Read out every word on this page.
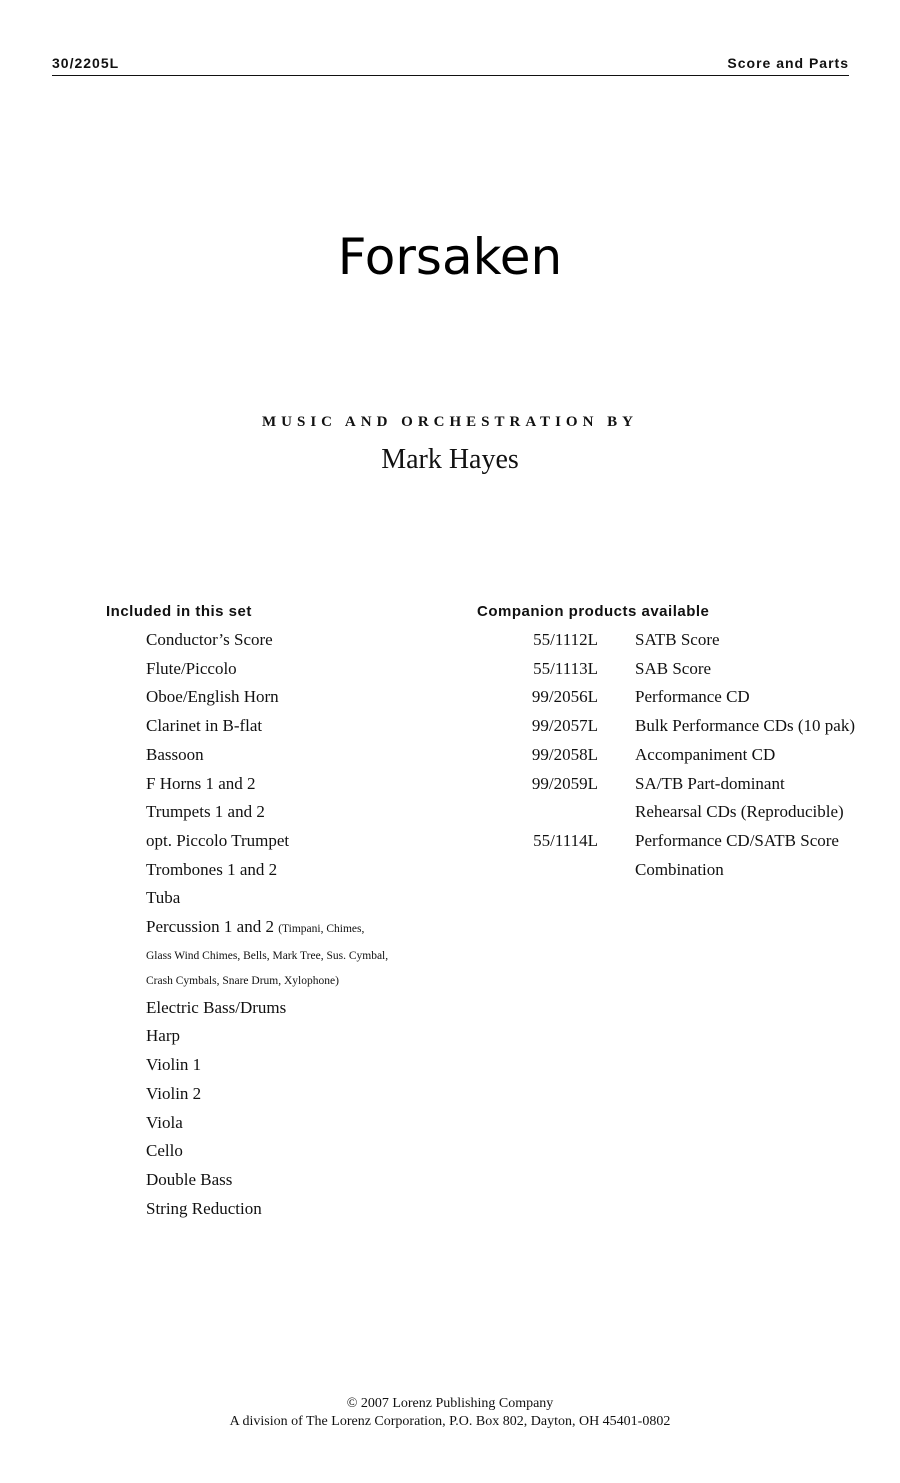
30/2205L	Score and Parts
Forsaken
MUSIC AND ORCHESTRATION BY
Mark Hayes
Included in this set	Companion products available
Conductor’s Score
Flute/Piccolo
Oboe/English Horn
Clarinet in B-flat
Bassoon
F Horns 1 and 2
Trumpets 1 and 2
opt. Piccolo Trumpet
Trombones 1 and 2
Tuba
Percussion 1 and 2 (Timpani, Chimes,
Glass Wind Chimes, Bells, Mark Tree, Sus. Cymbal,
Crash Cymbals, Snare Drum, Xylophone)
Electric Bass/Drums
Harp
Violin 1
Violin 2
Viola
Cello
Double Bass
String Reduction
55/1112L SATB Score
55/1113L SAB Score
99/2056L Performance CD
99/2057L Bulk Performance CDs (10 pak)
99/2058L Accompaniment CD
99/2059L SA/TB Part-dominant Rehearsal CDs (Reproducible)
55/1114L Performance CD/SATB Score Combination
© 2007 Lorenz Publishing Company
A division of The Lorenz Corporation, P.O. Box 802, Dayton, OH 45401-0802
